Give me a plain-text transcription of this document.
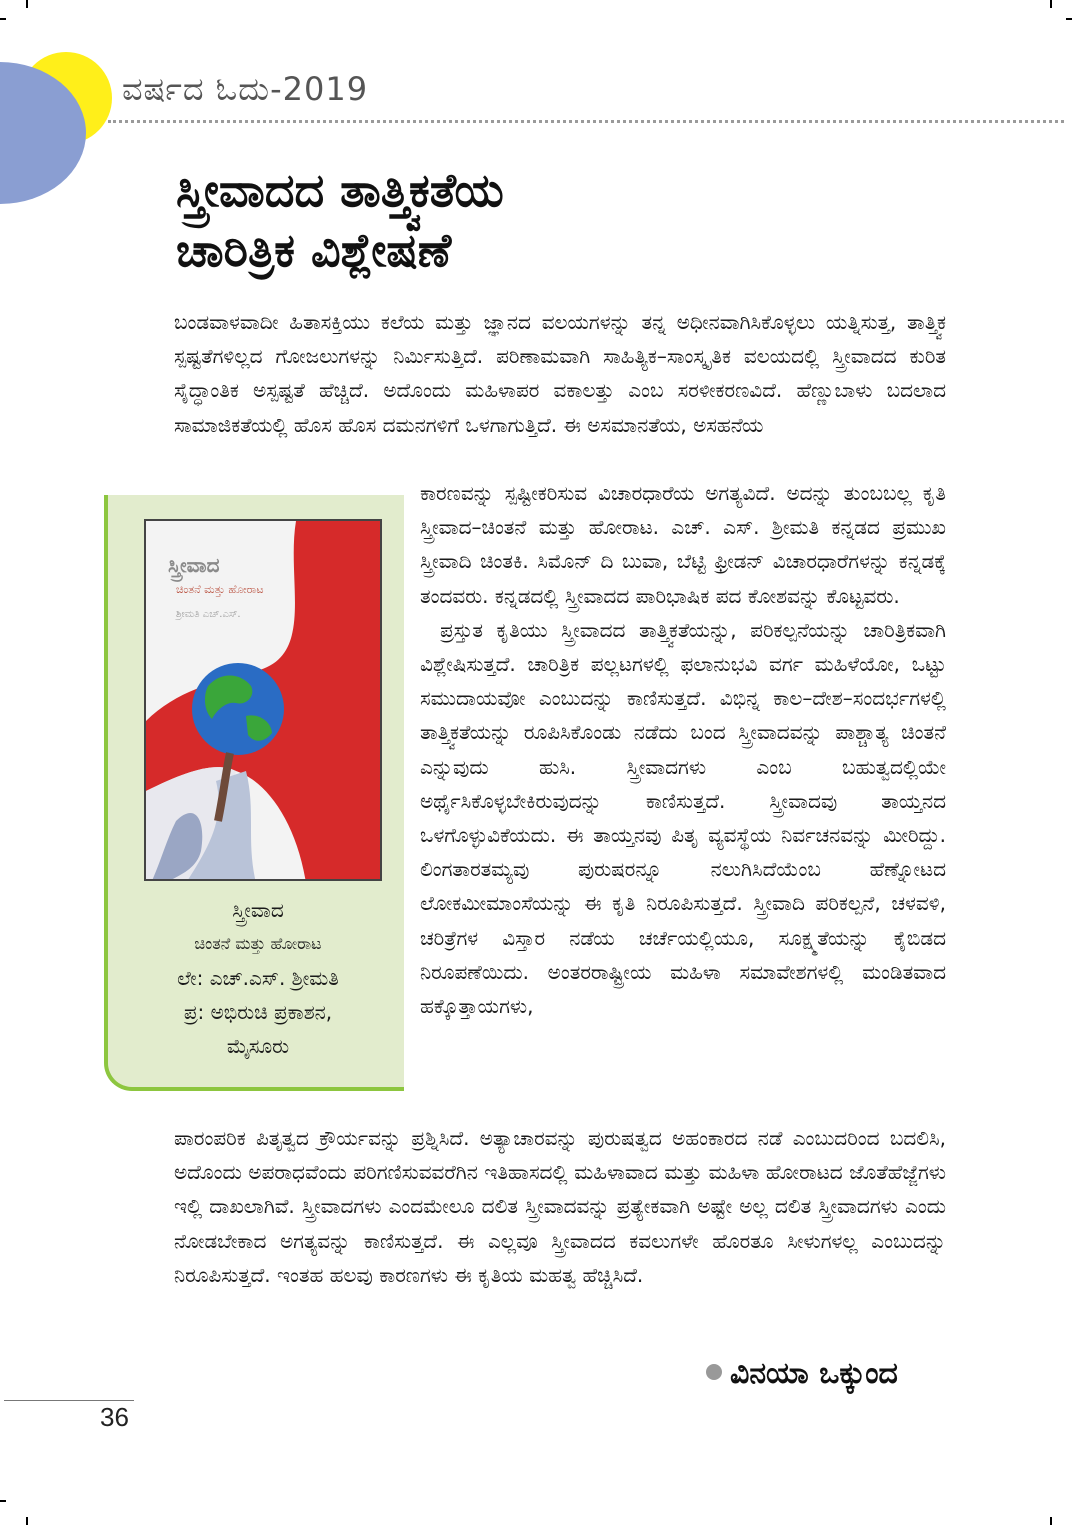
ವರ್ಷದ ಓದು-2019
ಸ್ತ್ರೀವಾದದ ತಾತ್ತ್ವಿಕತೆಯ
ಚಾರಿತ್ರಿಕ ವಿಶ್ಲೇಷಣೆ

ಬಂಡವಾಳವಾದೀ ಹಿತಾಸಕ್ತಿಯು ಕಲೆಯ ಮತ್ತು ಜ್ಞಾನದ ವಲಯಗಳನ್ನು ತನ್ನ ಅಧೀನವಾಗಿಸಿಕೊಳ್ಳಲು ಯತ್ನಿಸುತ್ತ, ತಾತ್ತ್ವಿಕ ಸ್ಪಷ್ಟತೆಗಳಿಲ್ಲದ ಗೋಜಲುಗಳನ್ನು ನಿರ್ಮಿಸುತ್ತಿದೆ. ಪರಿಣಾಮವಾಗಿ ಸಾಹಿತ್ಯಿಕ–ಸಾಂಸ್ಕೃತಿಕ ವಲಯದಲ್ಲಿ ಸ್ತ್ರೀವಾದದ ಕುರಿತ ಸೈದ್ಧಾಂತಿಕ ಅಸ್ಪಷ್ಟತೆ ಹೆಚ್ಚಿದೆ. ಅದೊಂದು ಮಹಿಳಾಪರ ವಕಾಲತ್ತು ಎಂಬ ಸರಳೀಕರಣವಿದೆ. ಹೆಣ್ಣುಬಾಳು ಬದಲಾದ ಸಾಮಾಜಿಕತೆಯಲ್ಲಿ ಹೊಸ ಹೊಸ ದಮನಗಳಿಗೆ ಒಳಗಾಗುತ್ತಿದೆ. ಈ ಅಸಮಾನತೆಯ, ಅಸಹನೆಯ

ಕಾರಣವನ್ನು ಸ್ಪಷ್ಟೀಕರಿಸುವ ವಿಚಾರಧಾರೆಯ ಅಗತ್ಯವಿದೆ. ಅದನ್ನು ತುಂಬಬಲ್ಲ ಕೃತಿ ಸ್ತ್ರೀವಾದ–ಚಿಂತನೆ ಮತ್ತು ಹೋರಾಟ. ಎಚ್. ಎಸ್. ಶ್ರೀಮತಿ ಕನ್ನಡದ ಪ್ರಮುಖ ಸ್ತ್ರೀವಾದಿ ಚಿಂತಕಿ. ಸಿಮೊನ್ ದಿ ಬುವಾ, ಬೆಟ್ಟಿ ಫ್ರೀಡನ್ ವಿಚಾರಧಾರೆಗಳನ್ನು ಕನ್ನಡಕ್ಕೆ ತಂದವರು. ಕನ್ನಡದಲ್ಲಿ ಸ್ತ್ರೀವಾದದ ಪಾರಿಭಾಷಿಕ ಪದ ಕೋಶವನ್ನು ಕೊಟ್ಟವರು.

ಪ್ರಸ್ತುತ ಕೃತಿಯು ಸ್ತ್ರೀವಾದದ ತಾತ್ತ್ವಿಕತೆಯನ್ನು, ಪರಿಕಲ್ಪನೆಯನ್ನು ಚಾರಿತ್ರಿಕವಾಗಿ ವಿಶ್ಲೇಷಿಸುತ್ತದೆ. ಚಾರಿತ್ರಿಕ ಪಲ್ಲಟಗಳಲ್ಲಿ ಫಲಾನುಭವಿ ವರ್ಗ ಮಹಿಳೆಯೋ, ಒಟ್ಟು ಸಮುದಾಯವೋ ಎಂಬುದನ್ನು ಕಾಣಿಸುತ್ತದೆ. ವಿಭಿನ್ನ ಕಾಲ–ದೇಶ–ಸಂದರ್ಭಗಳಲ್ಲಿ ತಾತ್ತ್ವಿಕತೆಯನ್ನು ರೂಪಿಸಿಕೊಂಡು ನಡೆದು ಬಂದ ಸ್ತ್ರೀವಾದವನ್ನು ಪಾಶ್ಚಾತ್ಯ ಚಿಂತನೆ ಎನ್ನುವುದು ಹುಸಿ. ಸ್ತ್ರೀವಾದಗಳು ಎಂಬ ಬಹುತ್ವದಲ್ಲಿಯೇ ಅರ್ಥೈಸಿಕೊಳ್ಳಬೇಕಿರುವುದನ್ನು ಕಾಣಿಸುತ್ತದೆ. ಸ್ತ್ರೀವಾದವು ತಾಯ್ತನದ ಒಳಗೊಳ್ಳುವಿಕೆಯದು. ಈ ತಾಯ್ತನವು ಪಿತೃ ವ್ಯವಸ್ಥೆಯ ನಿರ್ವಚನವನ್ನು ಮೀರಿದ್ದು. ಲಿಂಗತಾರತಮ್ಯವು ಪುರುಷರನ್ನೂ ನಲುಗಿಸಿದೆಯೆಂಬ ಹೆಣ್ನೋಟದ ಲೋಕಮೀಮಾಂಸೆಯನ್ನು ಈ ಕೃತಿ ನಿರೂಪಿಸುತ್ತದೆ. ಸ್ತ್ರೀವಾದಿ ಪರಿಕಲ್ಪನೆ, ಚಳವಳಿ, ಚರಿತ್ರೆಗಳ ವಿಸ್ತಾರ ನಡೆಯ ಚರ್ಚೆಯಲ್ಲಿಯೂ, ಸೂಕ್ಷ್ಮತೆಯನ್ನು ಕೈಬಿಡದ ನಿರೂಪಣೆಯಿದು. ಅಂತರರಾಷ್ಟ್ರೀಯ ಮಹಿಳಾ ಸಮಾವೇಶಗಳಲ್ಲಿ ಮಂಡಿತವಾದ ಹಕ್ಕೊತ್ತಾಯಗಳು,

ಪಾರಂಪರಿಕ ಪಿತೃತ್ವದ ಕ್ರೌರ್ಯವನ್ನು ಪ್ರಶ್ನಿಸಿದೆ. ಅತ್ಯಾಚಾರವನ್ನು ಪುರುಷತ್ವದ ಅಹಂಕಾರದ ನಡೆ ಎಂಬುದರಿಂದ ಬದಲಿಸಿ, ಅದೊಂದು ಅಪರಾಧವೆಂದು ಪರಿಗಣಿಸುವವರೆಗಿನ ಇತಿಹಾಸದಲ್ಲಿ ಮಹಿಳಾವಾದ ಮತ್ತು ಮಹಿಳಾ ಹೋರಾಟದ ಜೊತೆಹೆಜ್ಜೆಗಳು ಇಲ್ಲಿ ದಾಖಲಾಗಿವೆ. ಸ್ತ್ರೀವಾದಗಳು ಎಂದಮೇಲೂ ದಲಿತ ಸ್ತ್ರೀವಾದವನ್ನು ಪ್ರತ್ಯೇಕವಾಗಿ ಅಷ್ಟೇ ಅಲ್ಲ ದಲಿತ ಸ್ತ್ರೀವಾದಗಳು ಎಂದು ನೋಡಬೇಕಾದ ಅಗತ್ಯವನ್ನು ಕಾಣಿಸುತ್ತದೆ. ಈ ಎಲ್ಲವೂ ಸ್ತ್ರೀವಾದದ ಕವಲುಗಳೇ ಹೊರತೂ ಸೀಳುಗಳಲ್ಲ ಎಂಬುದನ್ನು ನಿರೂಪಿಸುತ್ತದೆ. ಇಂತಹ ಹಲವು ಕಾರಣಗಳು ಈ ಕೃತಿಯ ಮಹತ್ವ ಹೆಚ್ಚಿಸಿದೆ.

ಸ್ತ್ರೀವಾದ
ಚಿಂತನೆ ಮತ್ತು ಹೋರಾಟ
ಶ್ರೀಮತಿ ಎಚ್.ಎಸ್.
ಸ್ತ್ರೀವಾದ
ಚಿಂತನೆ ಮತ್ತು ಹೋರಾಟ
ಲೇ: ಎಚ್.ಎಸ್. ಶ್ರೀಮತಿ
ಪ್ರ: ಅಭಿರುಚಿ ಪ್ರಕಾಶನ,
ಮೈಸೂರು
ವಿನಯಾ ಒಕ್ಕುಂದ
36
